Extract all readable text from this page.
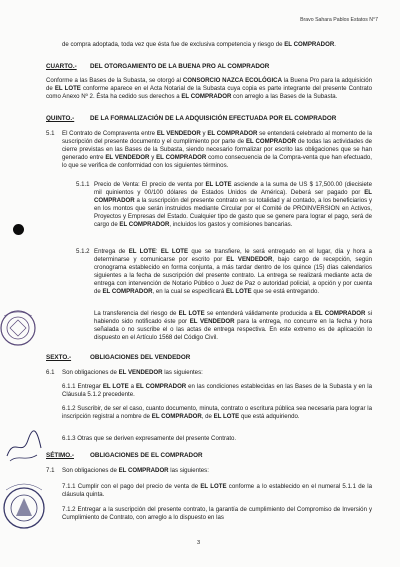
Bravo Sahara Pablos Estatos N°7

de compra adoptada, toda vez que ésta fue de exclusiva competencia y riesgo de EL COMPRADOR.

CUARTO.- DEL OTORGAMIENTO DE LA BUENA PRO AL COMPRADOR

Conforme a las Bases de la Subasta, se otorgó al CONSORCIO NAZCA ECOLÓGICA la Buena Pro para la adquisición de EL LOTE conforme aparece en el Acta Notarial de la Subasta cuya copia es parte integrante del presente Contrato como Anexo Nº 2. Ésta ha cedido sus derechos a EL COMPRADOR con arreglo a las Bases de la Subasta.

QUINTO.-	DE LA FORMALIZACIÓN DE LA ADQUISICIÓN EFECTUADA POR EL COMPRADOR
5.1 El Contrato de Compraventa entre EL VENDEDOR y EL COMPRADOR se entenderá celebrado al momento de la suscripción del presente documento y el cumplimiento por parte de EL COMPRADOR de todas las actividades de cierre previstas en las Bases de la Subasta, siendo necesario formalizar por escrito las obligaciones que se han generado entre EL VENDEDOR y EL COMPRADOR como consecuencia de la Compra-venta que han efectuado, lo que se verifica de conformidad con los siguientes términos.

5.1.1 Precio de Venta: El precio de venta por EL LOTE asciende a la suma de US $ 17,500.00 (diecisiete mil quinientos y 00/100 dólares de Estados Unidos de América). Deberá ser pagado por EL COMPRADOR a la suscripción del presente contrato en su totalidad y al contado, a los beneficiarios y en los montos que serán instruidos mediante Circular por el Comité de PROINVERSION en Activos, Proyectos y Empresas del Estado. Cualquier tipo de gasto que se genere para lograr el pago, será de cargo de EL COMPRADOR, incluidos los gastos y comisiones bancarias.

5.1.2 Entrega de EL LOTE: EL LOTE que se transfiere, le será entregado en el lugar, día y hora a determinarse y comunicarse por escrito por EL VENDEDOR, bajo cargo de recepción, según cronograma establecido en forma conjunta, a más tardar dentro de los quince (15) días calendarios siguientes a la fecha de suscripción del presente contrato. La entrega se realizará mediante acta de entrega con intervención de Notario Público o Juez de Paz o autoridad policial, a opción y por cuenta de EL COMPRADOR, en la cual se especificará EL LOTE que se está entregando.

La transferencia del riesgo de EL LOTE se entenderá válidamente producida a EL COMPRADOR si habiendo sido notificado éste por EL VENDEDOR para la entrega, no concurre en la fecha y hora señalada o no suscribe el o las actas de entrega respectiva. En este extremo es de aplicación lo dispuesto en el Artículo 1568 del Código Civil.

SEXTO.-	OBLIGACIONES DEL VENDEDOR
6.1 Son obligaciones de EL VENDEDOR las siguientes:

6.1.1 Entregar EL LOTE a EL COMPRADOR en las condiciones establecidas en las Bases de la Subasta y en la Cláusula 5.1.2 precedente.

6.1.2 Suscribir, de ser el caso, cuanto documento, minuta, contrato o escritura pública sea necesaria para lograr la inscripción registral a nombre de EL COMPRADOR, de EL LOTE que está adquiriendo.

6.1.3 Otras que se deriven expresamente del presente Contrato.

SÉTIMO.-	OBLIGACIONES DE EL COMPRADOR
7.1 Son obligaciones de EL COMPRADOR las siguientes:

7.1.1 Cumplir con el pago del precio de venta de EL LOTE conforme a lo establecido en el numeral 5.1.1 de la cláusula quinta.

7.1.2 Entregar a la suscripción del presente contrato, la garantía de cumplimiento del Compromiso de Inversión y Cumplimiento de Contrato, con arreglo a lo dispuesto en las

3
